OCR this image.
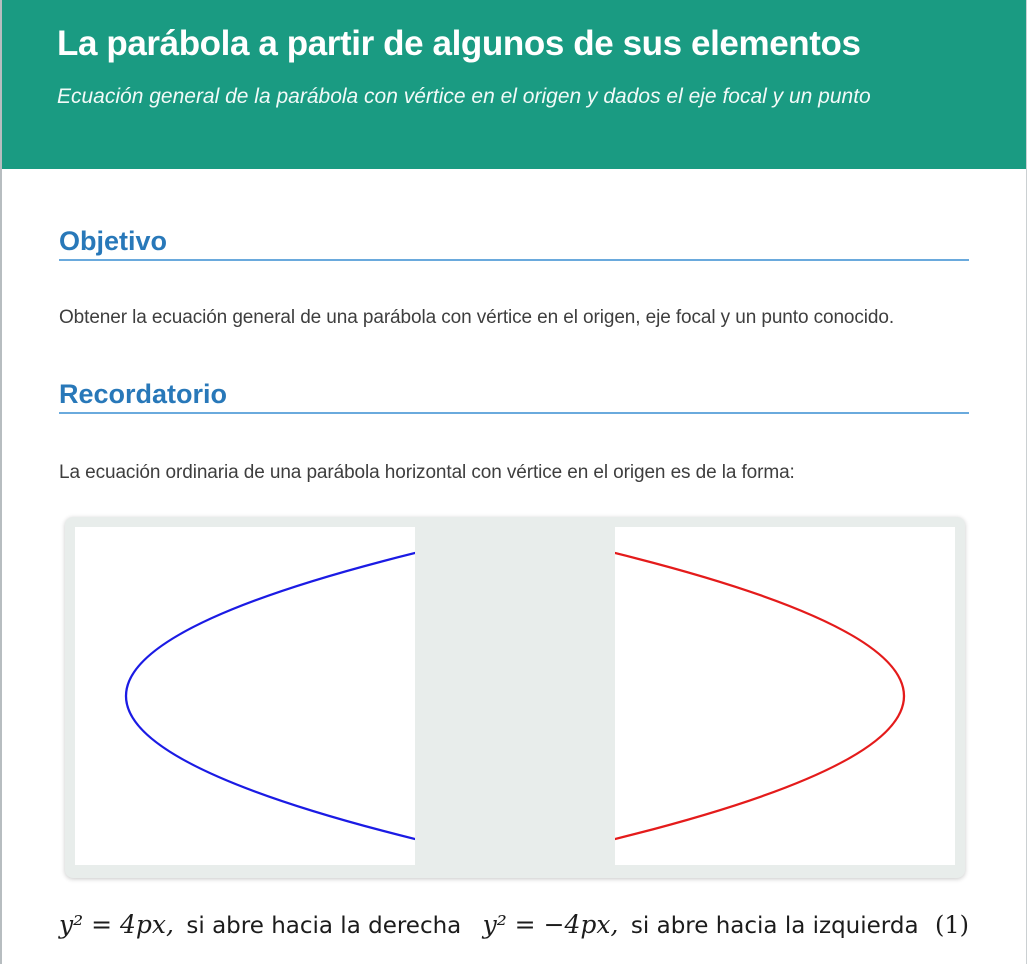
La parábola a partir de algunos de sus elementos

Ecuación general de la parábola con vértice en el origen y dados el eje focal y un punto

Objetivo

Obtener la ecuación general de una parábola con vértice en el origen, eje focal y un punto conocido.

Recordatorio

La ecuación ordinaria de una parábola horizontal con vértice en el origen es de la forma:

y² = 4px, si abre hacia la derecha y² = −4px, si abre hacia la izquierda (1)
